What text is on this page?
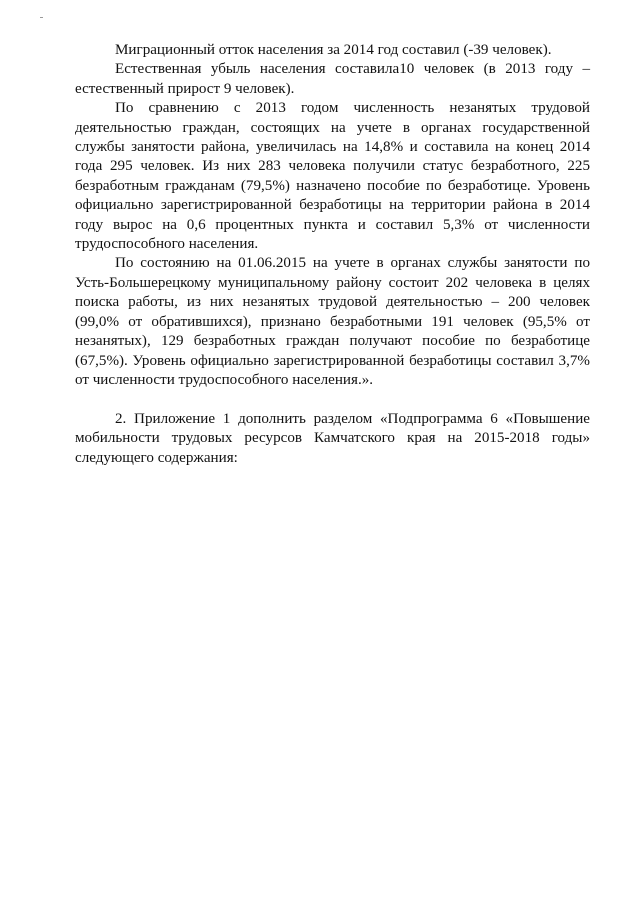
Миграционный отток населения за 2014 год составил (-39 человек).

Естественная убыль населения составила10 человек (в 2013 году – естественный прирост 9 человек).

По сравнению с 2013 годом численность незанятых трудовой деятельностью граждан, состоящих на учете в органах государственной службы занятости района, увеличилась на 14,8% и составила на конец 2014 года 295 человек. Из них 283 человека получили статус безработного, 225 безработным гражданам (79,5%) назначено пособие по безработице. Уровень официально зарегистрированной безработицы на территории района в 2014 году вырос на 0,6 процентных пункта и составил 5,3% от численности трудоспособного населения.

По состоянию на 01.06.2015 на учете в органах службы занятости по Усть-Большерецкому муниципальному району состоит 202 человека в целях поиска работы, из них незанятых трудовой деятельностью – 200 человек (99,0% от обратившихся), признано безработными 191 человек (95,5% от незанятых), 129 безработных граждан получают пособие по безработице (67,5%). Уровень официально зарегистрированной безработицы составил 3,7% от численности трудоспособного населения.».

2. Приложение 1 дополнить разделом «Подпрограмма 6 «Повышение мобильности трудовых ресурсов Камчатского края на 2015-2018 годы» следующего содержания:
